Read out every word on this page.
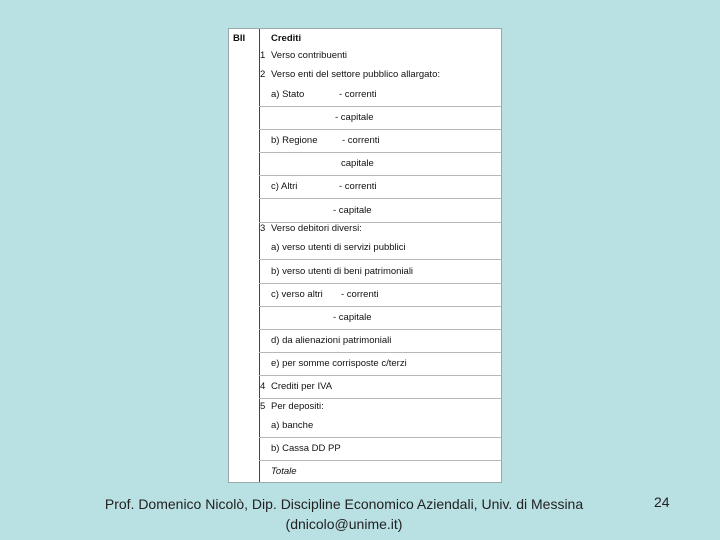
BII	Crediti
1 Verso contribuenti
2 Verso enti del settore pubblico allargato:
a) Stato	- correnti
- capitale
b) Regione	- correnti
capitale
c) Altri	- correnti
- capitale
3 Verso debitori diversi:
a) verso utenti di servizi pubblici
b) verso utenti di beni patrimoniali
c) verso altri - correnti
- capitale
d) da alienazioni patrimoniali
e) per somme corrisposte c/terzi
4 Crediti per IVA
5 Per depositi:
a) banche
b) Cassa DD PP
Totale
Prof. Domenico Nicolò, Dip. Discipline Economico Aziendali, Univ. di Messina
(dnicolo@unime.it)
24
